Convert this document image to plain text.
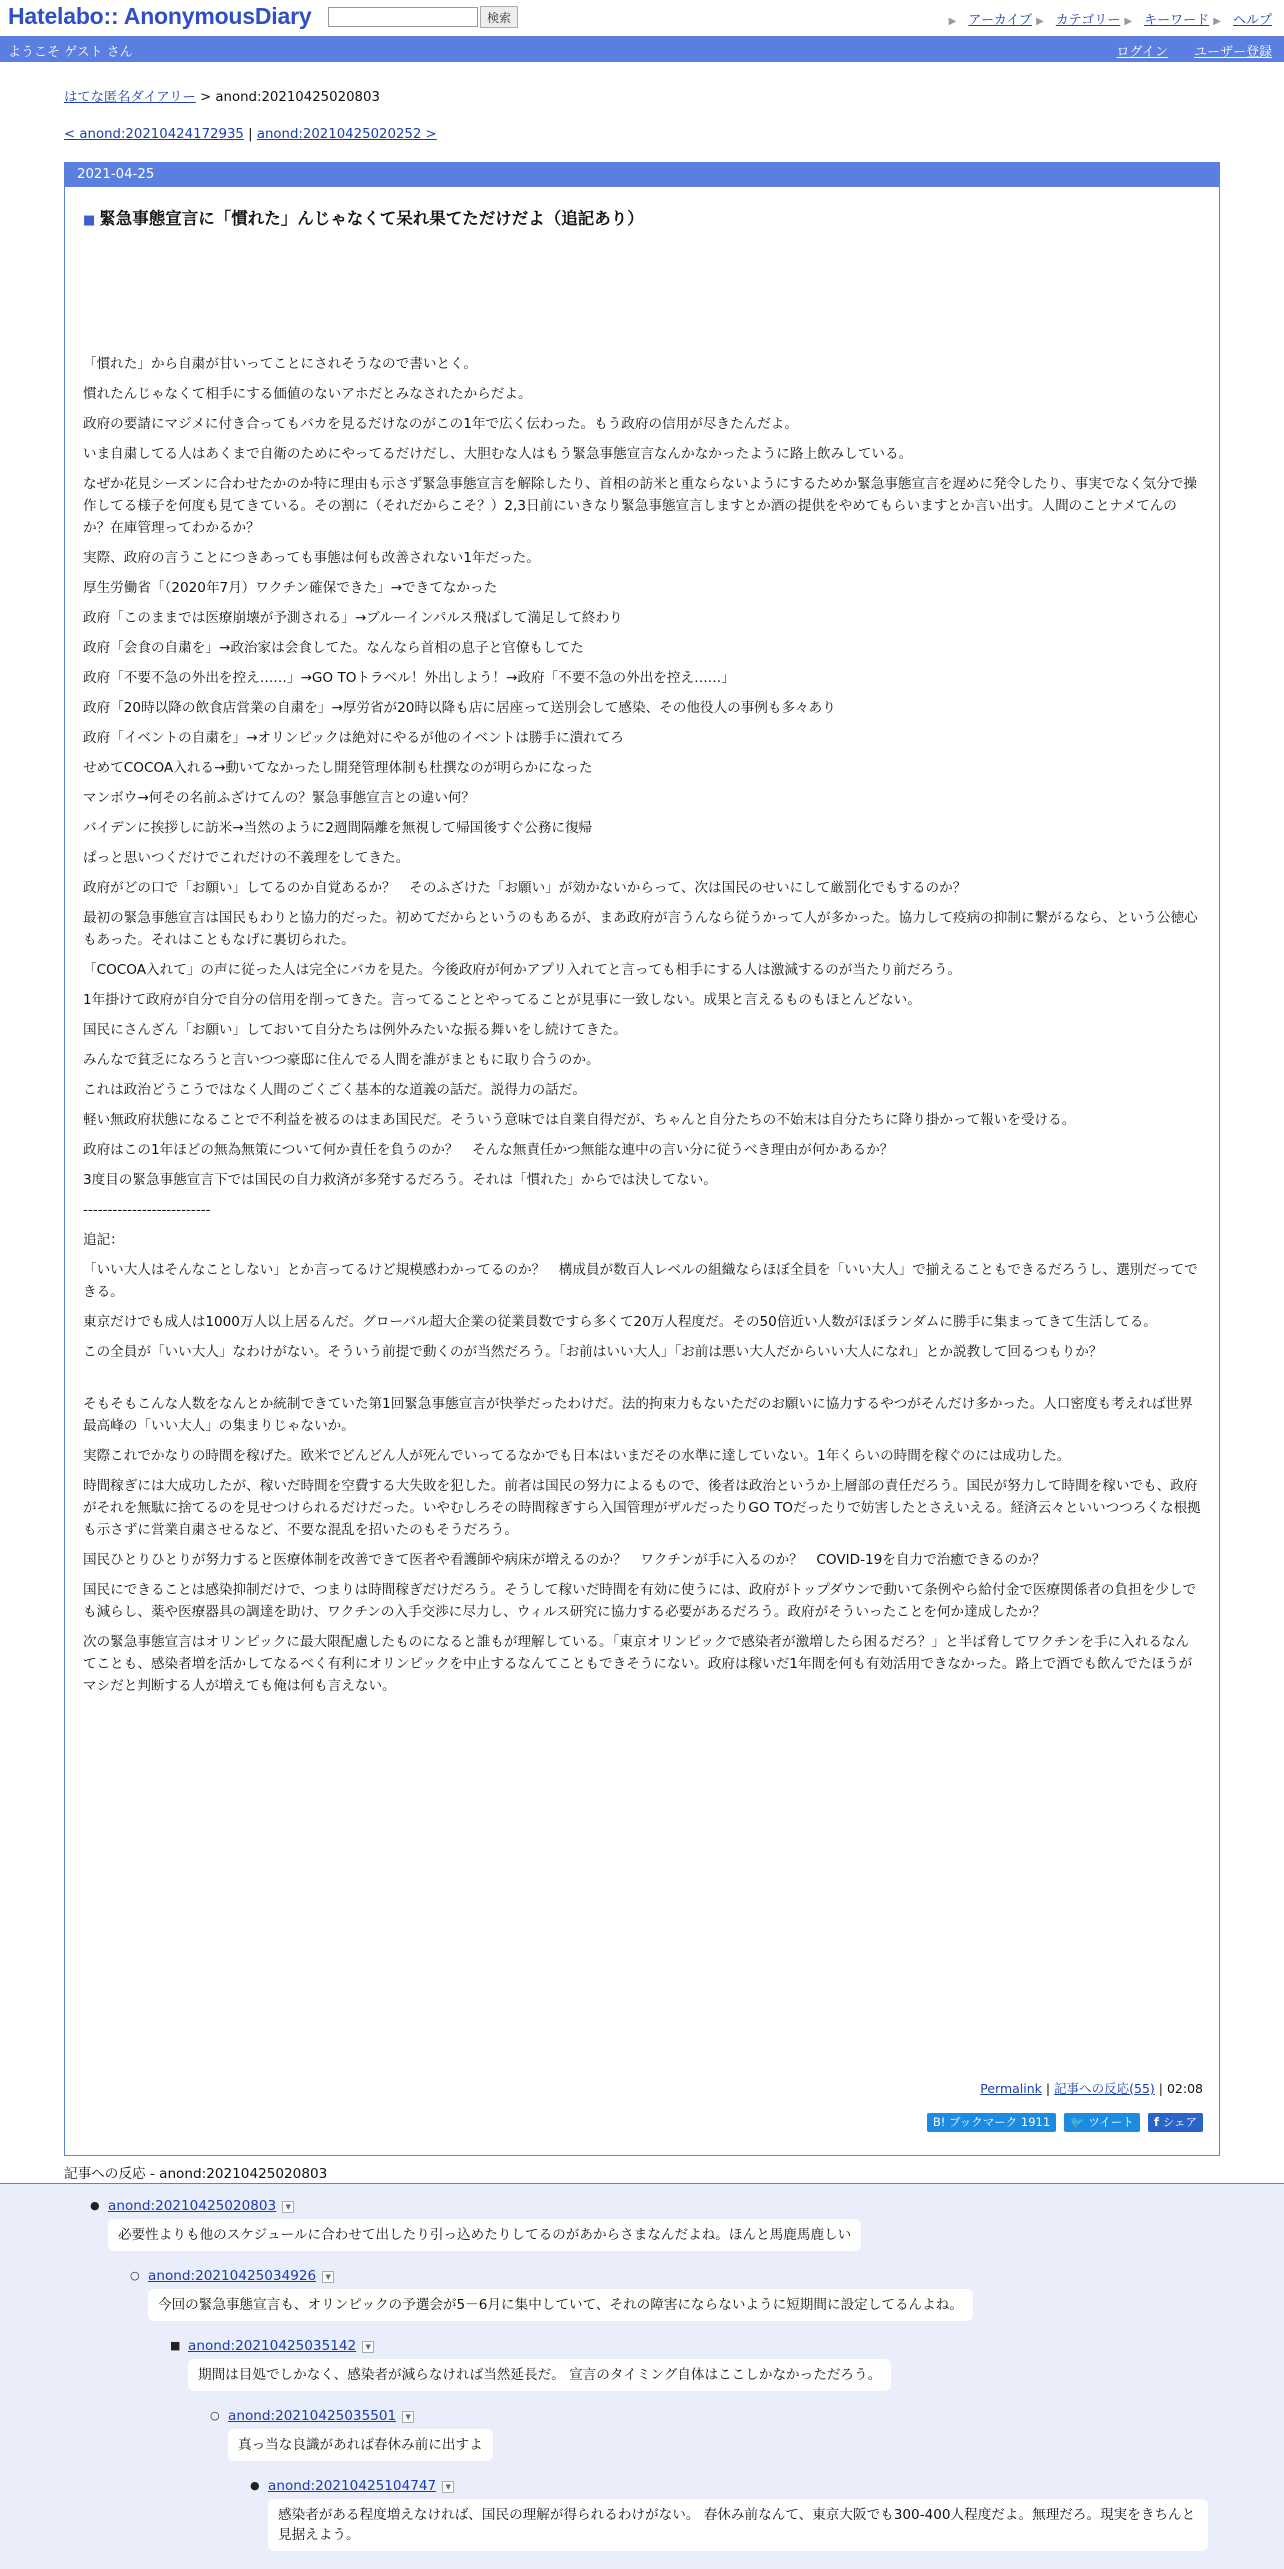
Hatelabo:: AnonymousDiary	検索	▶ アーカイブ ▶ カテゴリー ▶ キーワード ▶ ヘルプ
ようこそ ゲスト さん	ログイン ユーザー登録
はてな匿名ダイアリー > anond:20210425020803
< anond:20210424172935 | anond:20210425020252 >
2021-04-25
■ 緊急事態宣言に「慣れた」んじゃなくて呆れ果てただけだよ（追記あり）

「慣れた」から自粛が甘いってことにされそうなので書いとく。

慣れたんじゃなくて相手にする価値のないアホだとみなされたからだよ。

政府の要請にマジメに付き合ってもバカを見るだけなのがこの1年で広く伝わった。もう政府の信用が尽きたんだよ。

いま自粛してる人はあくまで自衛のためにやってるだけだし、大胆むな人はもう緊急事態宣言なんかなかったように路上飲みしている。

なぜか花見シーズンに合わせたかのか特に理由も示さず緊急事態宣言を解除したり、首相の訪米と重ならないようにするためか緊急事態宣言を遅めに発令したり、事実でなく気分で操作してる様子を何度も見てきている。その割に（それだからこそ？）2,3日前にいきなり緊急事態宣言しますとか酒の提供をやめてもらいますとか言い出す。人間のことナメてんのか？在庫管理ってわかるか？

実際、政府の言うことにつきあっても事態は何も改善されない1年だった。

厚生労働省「（2020年7月）ワクチン確保できた」→できてなかった

政府「このままでは医療崩壊が予測される」→ブルーインパルス飛ばして満足して終わり

政府「会食の自粛を」→政治家は会食してた。なんなら首相の息子と官僚もしてた

政府「不要不急の外出を控え……」→GO TOトラベル！外出しよう！→政府「不要不急の外出を控え……」

政府「20時以降の飲食店営業の自粛を」→厚労省が20時以降も店に居座って送別会して感染、その他役人の事例も多々あり

政府「イベントの自粛を」→オリンピックは絶対にやるが他のイベントは勝手に潰れてろ

せめてCOCOA入れる→動いてなかったし開発管理体制も杜撰なのが明らかになった

マンボウ→何その名前ふざけてんの？緊急事態宣言との違い何？

バイデンに挨拶しに訪米→当然のように2週間隔離を無視して帰国後すぐ公務に復帰

ぱっと思いつくだけでこれだけの不義理をしてきた。

政府がどの口で「お願い」してるのか自覚あるか？　そのふざけた「お願い」が効かないからって、次は国民のせいにして厳罰化でもするのか？

最初の緊急事態宣言は国民もわりと協力的だった。初めてだからというのもあるが、まあ政府が言うんなら従うかって人が多かった。協力して疫病の抑制に繋がるなら、という公徳心もあった。それはこともなげに裏切られた。

「COCOA入れて」の声に従った人は完全にバカを見た。今後政府が何かアプリ入れてと言っても相手にする人は激減するのが当たり前だろう。

1年掛けて政府が自分で自分の信用を削ってきた。言ってることとやってることが見事に一致しない。成果と言えるものもほとんどない。

国民にさんざん「お願い」しておいて自分たちは例外みたいな振る舞いをし続けてきた。

みんなで貧乏になろうと言いつつ豪邸に住んでる人間を誰がまともに取り合うのか。

これは政治どうこうではなく人間のごくごく基本的な道義の話だ。説得力の話だ。

軽い無政府状態になることで不利益を被るのはまあ国民だ。そういう意味では自業自得だが、ちゃんと自分たちの不始末は自分たちに降り掛かって報いを受ける。

政府はこの1年ほどの無為無策について何か責任を負うのか？　そんな無責任かつ無能な連中の言い分に従うべき理由が何かあるか？

3度目の緊急事態宣言下では国民の自力救済が多発するだろう。それは「慣れた」からでは決してない。

--------------------------

追記：

「いい大人はそんなことしない」とか言ってるけど規模感わかってるのか？　構成員が数百人レベルの組織ならほぼ全員を「いい大人」で揃えることもできるだろうし、選別だってできる。

東京だけでも成人は1000万人以上居るんだ。グローバル超大企業の従業員数ですら多くて20万人程度だ。その50倍近い人数がほぼランダムに勝手に集まってきて生活してる。

この全員が「いい大人」なわけがない。そういう前提で動くのが当然だろう。「お前はいい大人」「お前は悪い大人だからいい大人になれ」とか説教して回るつもりか？

そもそもこんな人数をなんとか統制できていた第1回緊急事態宣言が快挙だったわけだ。法的拘束力もないただのお願いに協力するやつがそんだけ多かった。人口密度も考えれば世界最高峰の「いい大人」の集まりじゃないか。

実際これでかなりの時間を稼げた。欧米でどんどん人が死んでいってるなかでも日本はいまだその水準に達していない。1年くらいの時間を稼ぐのには成功した。

時間稼ぎには大成功したが、稼いだ時間を空費する大失敗を犯した。前者は国民の努力によるもので、後者は政治というか上層部の責任だろう。国民が努力して時間を稼いでも、政府がそれを無駄に捨てるのを見せつけられるだけだった。いやむしろその時間稼ぎすら入国管理がザルだったりGO TOだったりで妨害したとさえいえる。経済云々といいつつろくな根拠も示さずに営業自粛させるなど、不要な混乱を招いたのもそうだろう。

国民ひとりひとりが努力すると医療体制を改善できて医者や看護師や病床が増えるのか？　ワクチンが手に入るのか？　COVID-19を自力で治癒できるのか？

国民にできることは感染抑制だけで、つまりは時間稼ぎだけだろう。そうして稼いだ時間を有効に使うには、政府がトップダウンで動いて条例やら給付金で医療関係者の負担を少しでも減らし、薬や医療器具の調達を助け、ワクチンの入手交渉に尽力し、ウィルス研究に協力する必要があるだろう。政府がそういったことを何か達成したか？

次の緊急事態宣言はオリンピックに最大限配慮したものになると誰もが理解している。「東京オリンピックで感染者が激増したら困るだろ？」と半ば脅してワクチンを手に入れるなんてことも、感染者増を活かしてなるべく有利にオリンピックを中止するなんてこともできそうにない。政府は稼いだ1年間を何も有効活用できなかった。路上で酒でも飲んでたほうがマシだと判断する人が増えても俺は何も言えない。

Permalink | 記事への反応(55) | 02:08
B! ブックマーク 1911 🐦 ツイート f シェア
記事への反応 - anond:20210425020803
● anond:20210425020803 ▼
必要性よりも他のスケジュールに合わせて出したり引っ込めたりしてるのがあからさまなんだよね。ほんと馬鹿馬鹿しい
○ anond:20210425034926 ▼
今回の緊急事態宣言も、オリンピックの予選会が5－6月に集中していて、それの障害にならないように短期間に設定してるんよね。
■ anond:20210425035142 ▼
期間は目処でしかなく、感染者が減らなければ当然延長だ。 宣言のタイミング自体はここしかなかっただろう。
○ anond:20210425035501 ▼
真っ当な良識があれば春休み前に出すよ
● anond:20210425104747 ▼
感染者がある程度増えなければ、国民の理解が得られるわけがない。 春休み前なんて、東京大阪でも300-400人程度だよ。無理だろ。現実をきちんと見据えよう。
